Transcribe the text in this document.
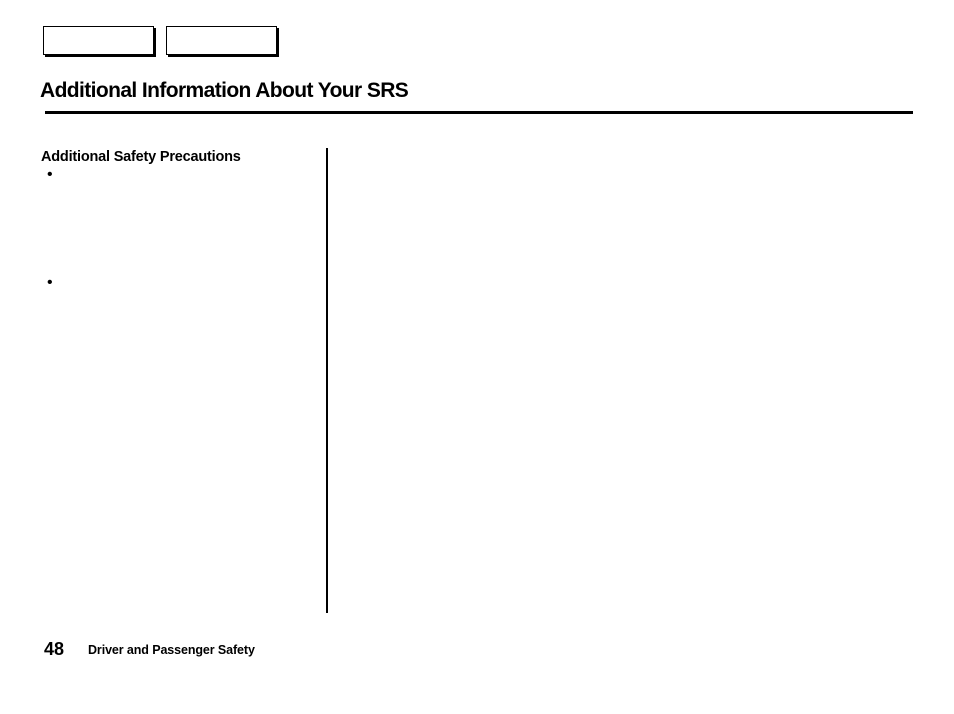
Additional Information About Your SRS
Additional Safety Precautions
•
•
48 Driver and Passenger Safety
